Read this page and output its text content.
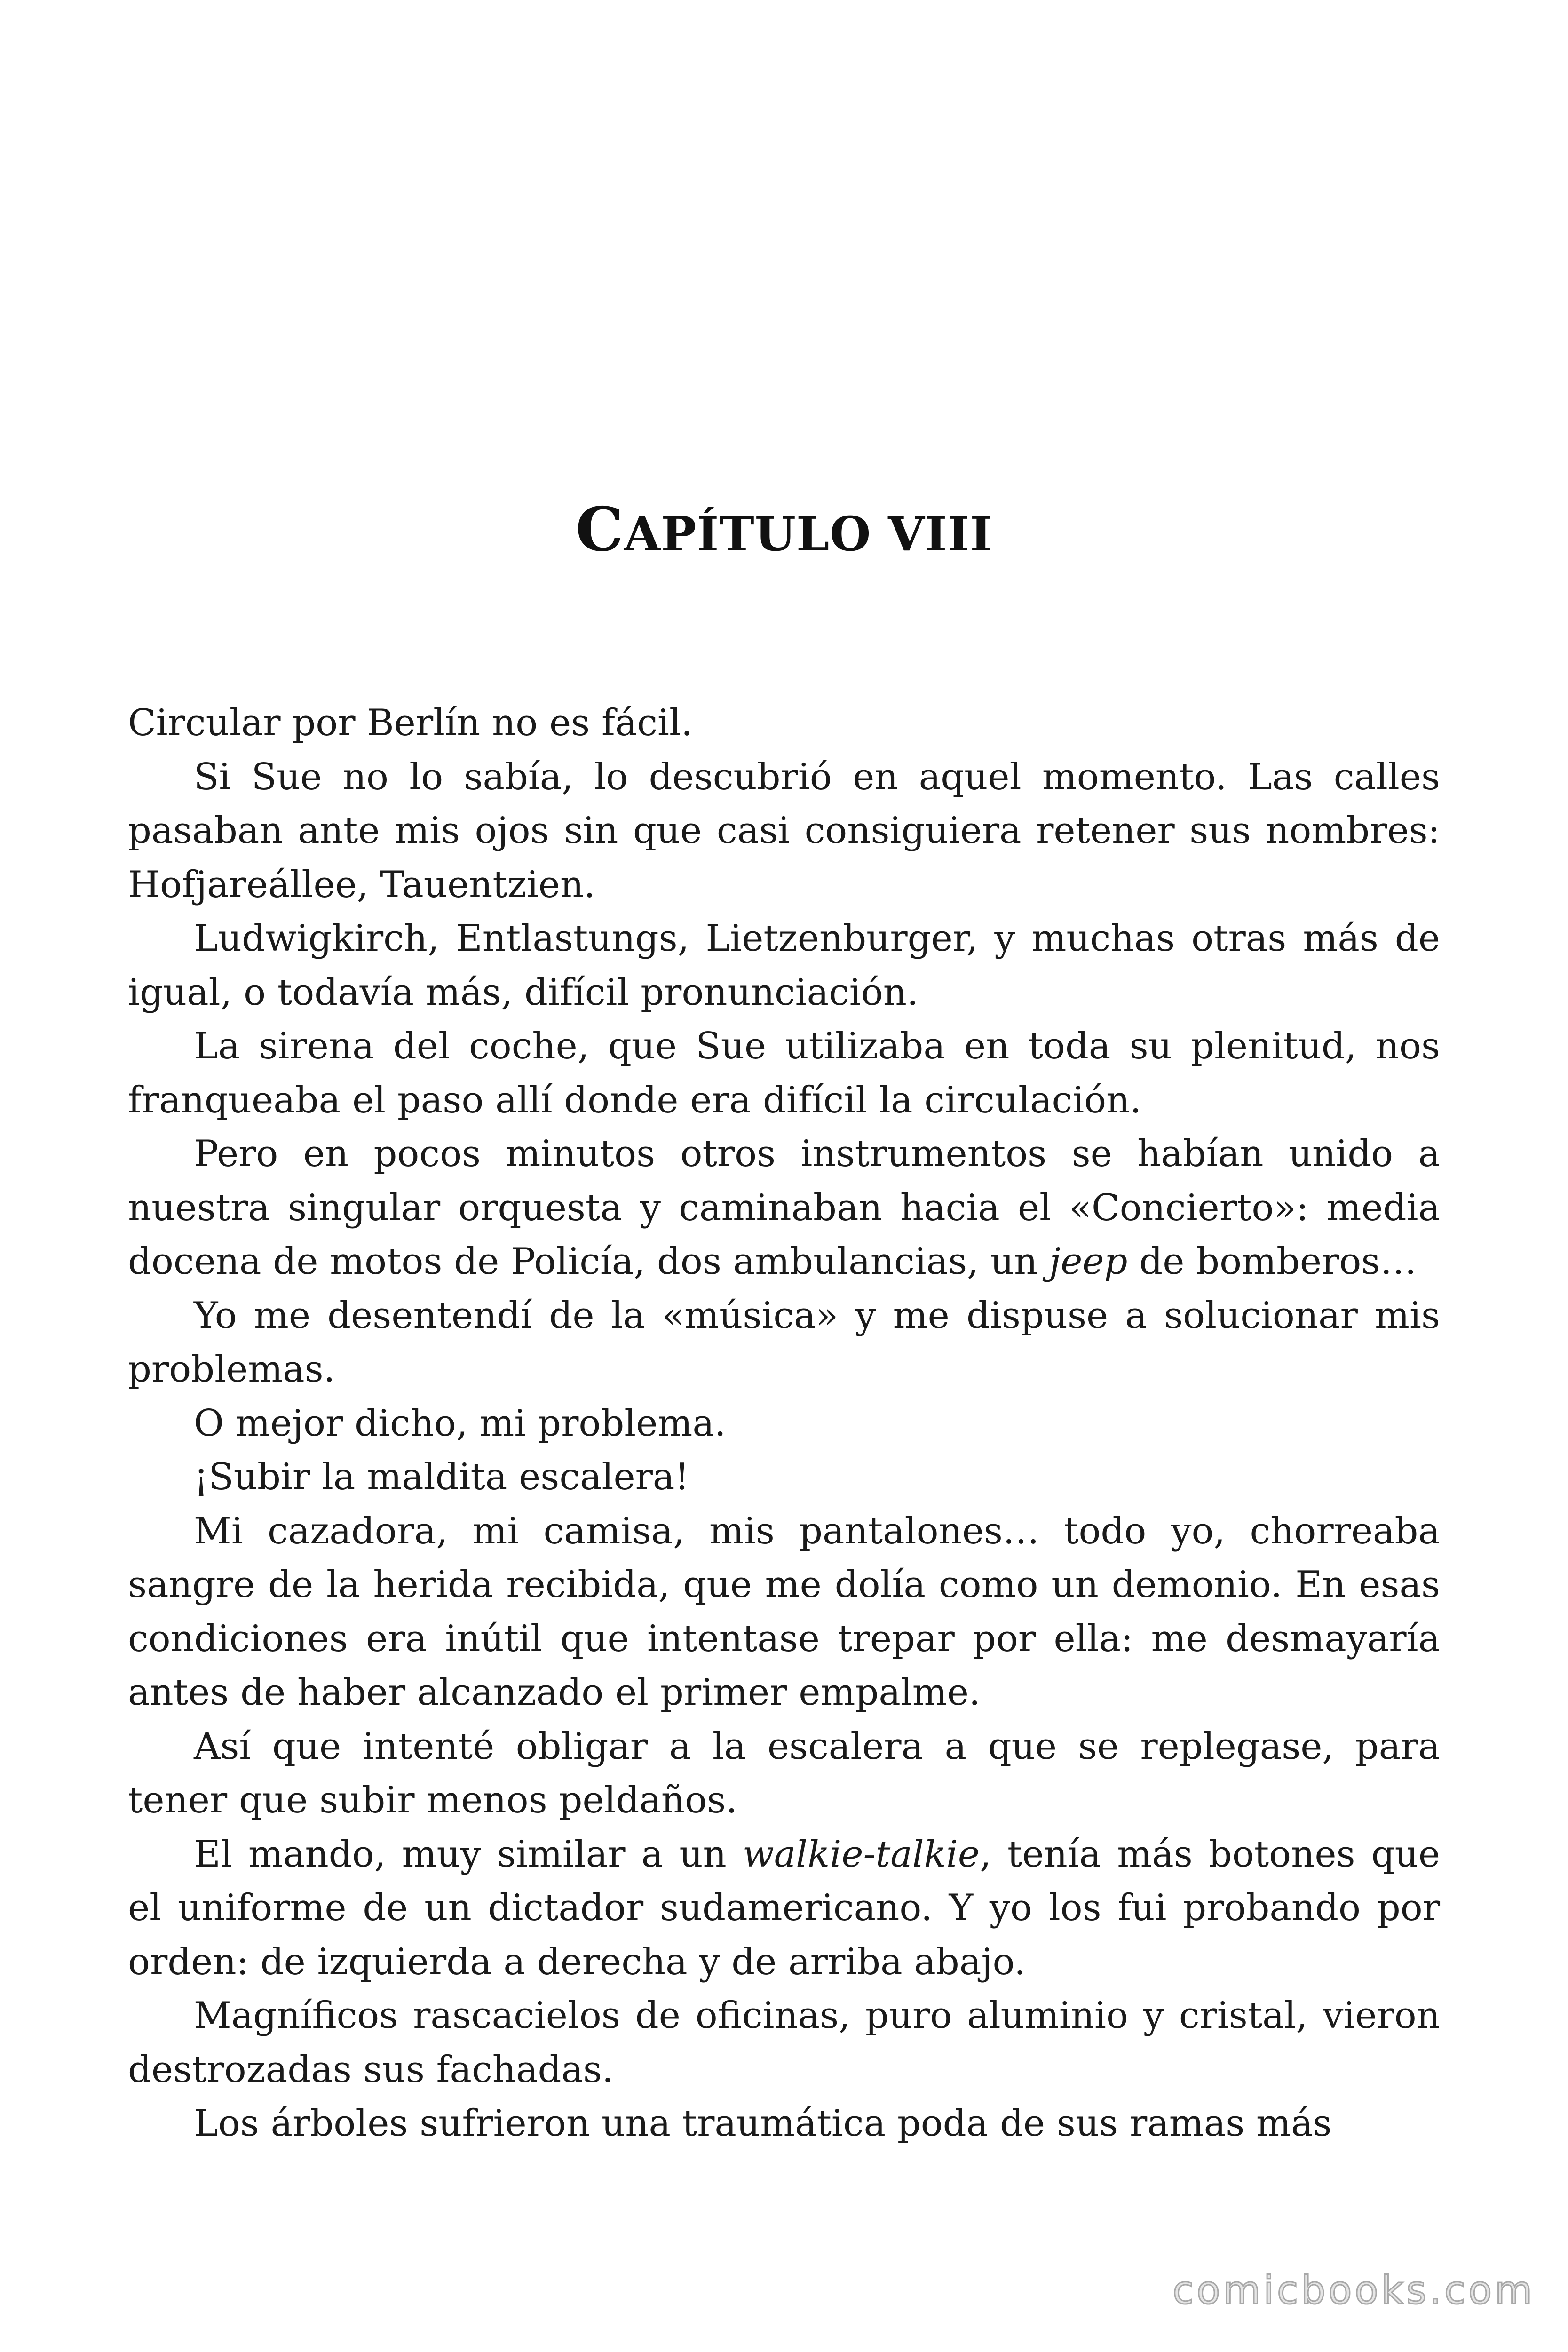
CAPÍTULO VIII

Circular por Berlín no es fácil.

Si Sue no lo sabía, lo descubrió en aquel momento. Las calles pasaban ante mis ojos sin que casi consiguiera retener sus nombres: Hofjareállee, Tauentzien.

Ludwigkirch, Entlastungs, Lietzenburger, y muchas otras más de igual, o todavía más, difícil pronunciación.

La sirena del coche, que Sue utilizaba en toda su plenitud, nos franqueaba el paso allí donde era difícil la circulación.

Pero en pocos minutos otros instrumentos se habían unido a nuestra singular orquesta y caminaban hacia el «Concierto»: media docena de motos de Policía, dos ambulancias, un jeep de bomberos…

Yo me desentendí de la «música» y me dispuse a solucionar mis problemas.

O mejor dicho, mi problema.

¡Subir la maldita escalera!

Mi cazadora, mi camisa, mis pantalones… todo yo, chorreaba sangre de la herida recibida, que me dolía como un demonio. En esas condiciones era inútil que intentase trepar por ella: me desmayaría antes de haber alcanzado el primer empalme.

Así que intenté obligar a la escalera a que se replegase, para tener que subir menos peldaños.

El mando, muy similar a un walkie-talkie, tenía más botones que el uniforme de un dictador sudamericano. Y yo los fui probando por orden: de izquierda a derecha y de arriba abajo.

Magníficos rascacielos de oficinas, puro aluminio y cristal, vieron destrozadas sus fachadas.

Los árboles sufrieron una traumática poda de sus ramas más

comicbooks.com
